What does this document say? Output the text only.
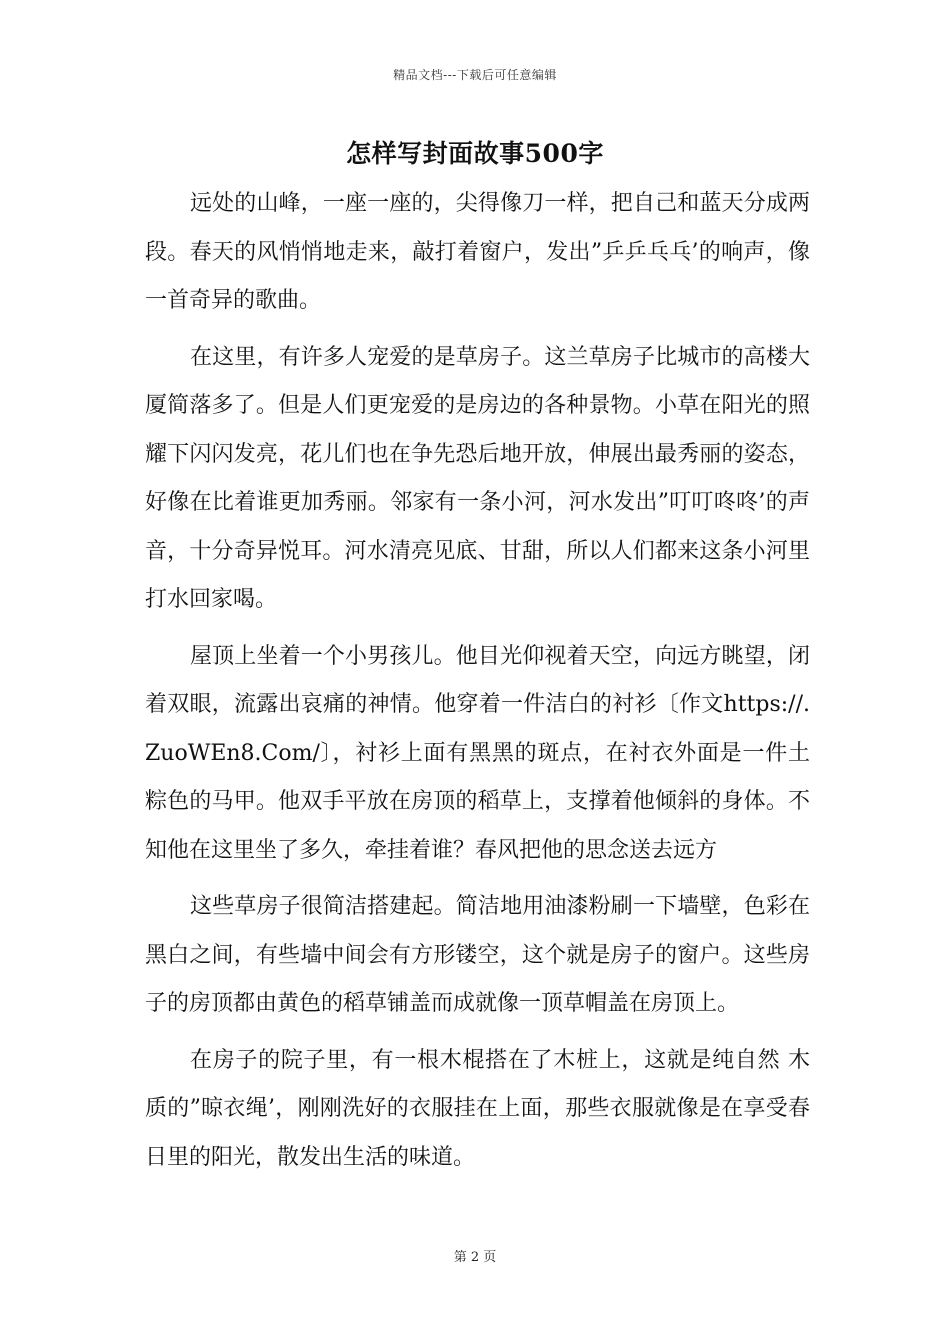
精品文档---下载后可任意编辑
怎样写封面故事500字

远处的山峰，一座一座的，尖得像刀一样，把自己和蓝天分成两段。春天的风悄悄地走来，敲打着窗户，发出”乒乒乓乓’的响声，像一首奇异的歌曲。

在这里，有许多人宠爱的是草房子。这兰草房子比城市的高楼大厦简落多了。但是人们更宠爱的是房边的各种景物。小草在阳光的照耀下闪闪发亮，花儿们也在争先恐后地开放，伸展出最秀丽的姿态，好像在比着谁更加秀丽。邻家有一条小河，河水发出”叮叮咚咚’的声音，十分奇异悦耳。河水清亮见底、甘甜，所以人们都来这条小河里打水回家喝。

屋顶上坐着一个小男孩儿。他目光仰视着天空，向远方眺望，闭着双眼，流露出哀痛的神情。他穿着一件洁白的衬衫〔作文https://.ZuoWEn8.Com/〕，衬衫上面有黑黑的斑点，在衬衣外面是一件土粽色的马甲。他双手平放在房顶的稻草上，支撑着他倾斜的身体。不知他在这里坐了多久，牵挂着谁？春风把他的思念送去远方

这些草房子很简洁搭建起。简洁地用油漆粉刷一下墙壁，色彩在黑白之间，有些墙中间会有方形镂空，这个就是房子的窗户。这些房子的房顶都由黄色的稻草铺盖而成就像一顶草帽盖在房顶上。

在房子的院子里，有一根木棍搭在了木桩上，这就是纯自然 木质的”晾衣绳’，刚刚洗好的衣服挂在上面，那些衣服就像是在享受春日里的阳光，散发出生活的味道。

第 2 页
